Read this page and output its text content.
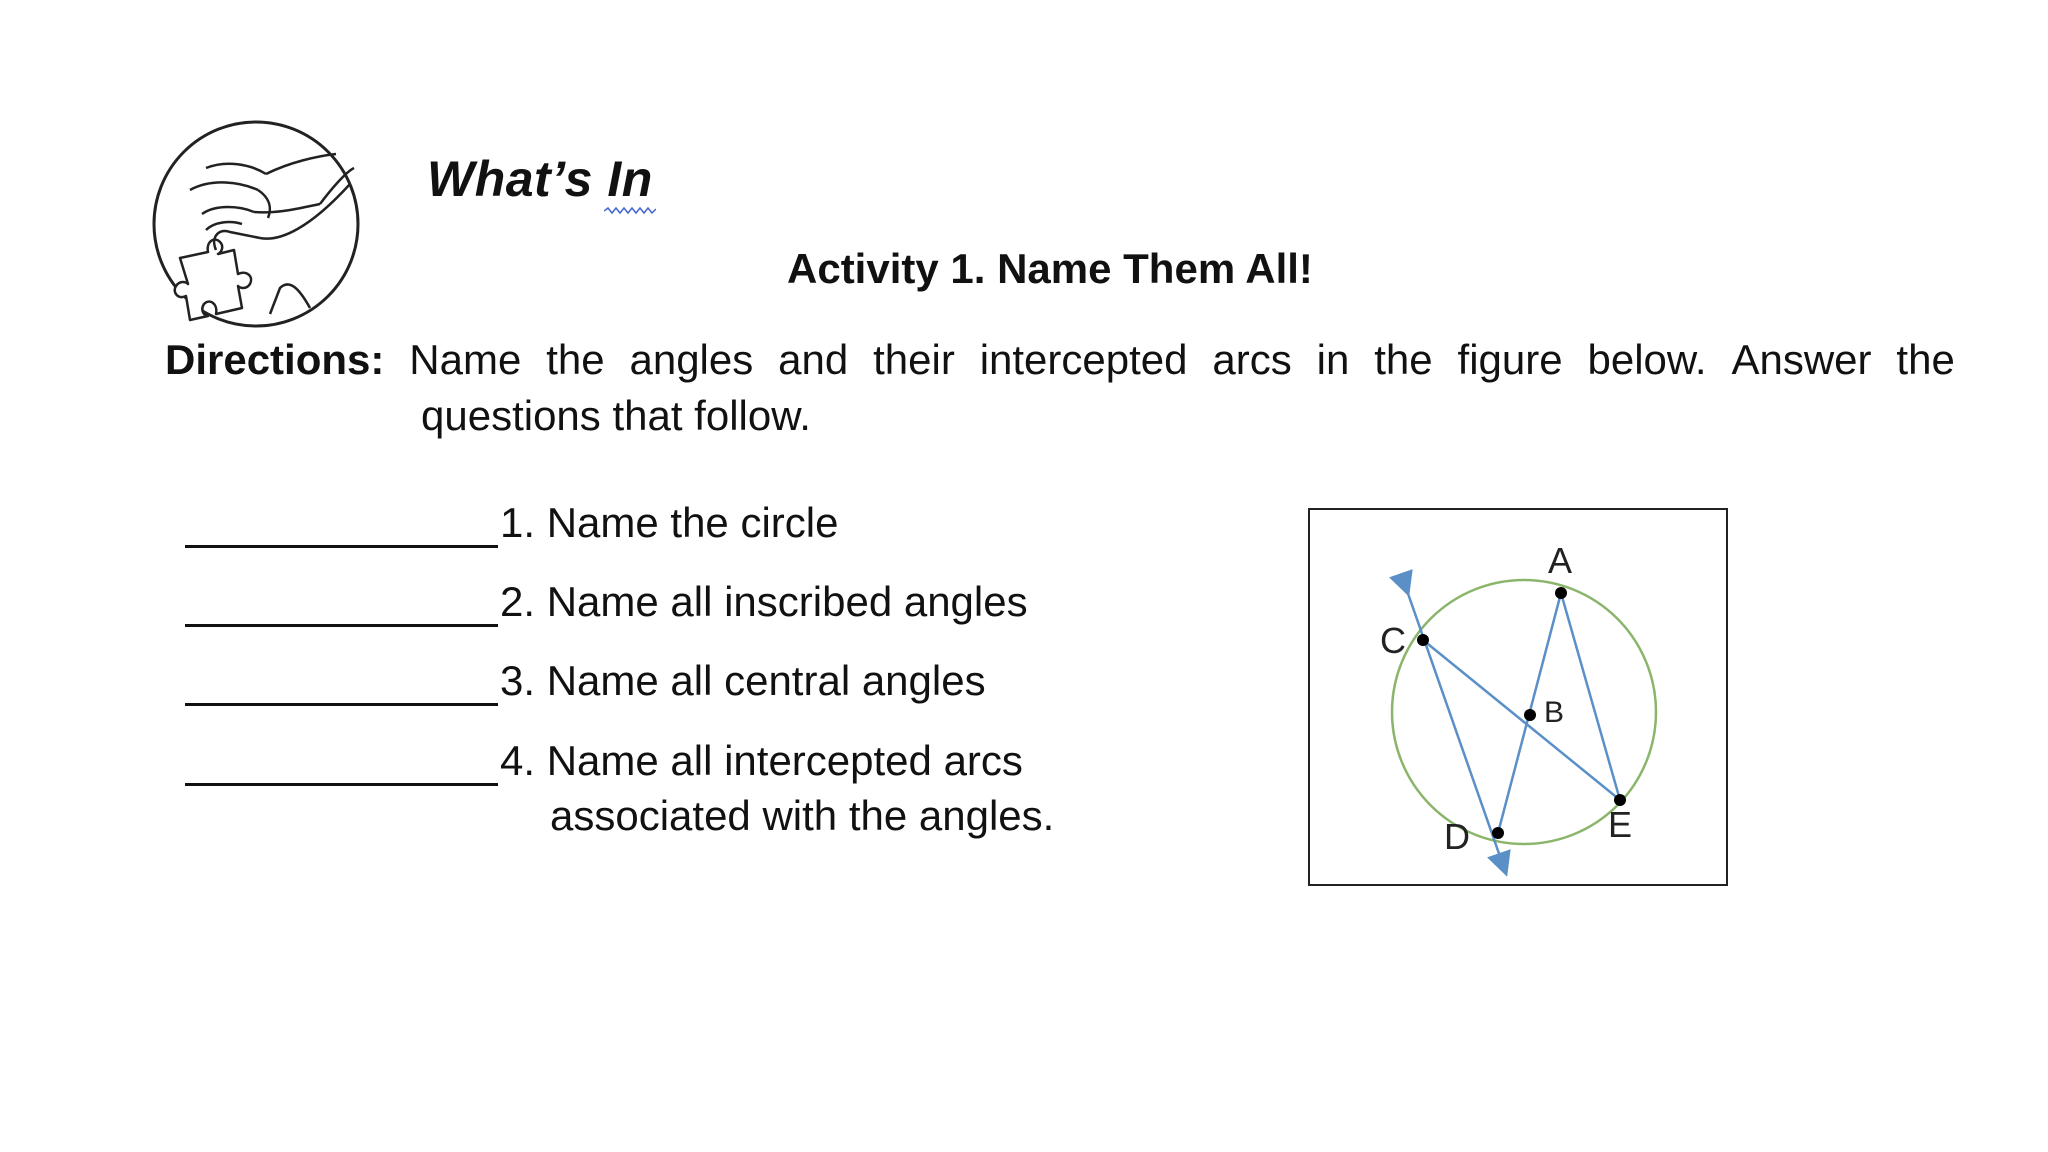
What’s In
Activity 1. Name Them All!
Directions: Name the angles and their intercepted arcs in the figure below. Answer the
questions that follow.
1. Name the circle
2. Name all inscribed angles
3. Name all central angles
4. Name all intercepted arcs
associated with the angles.
A
B
C
D	E
